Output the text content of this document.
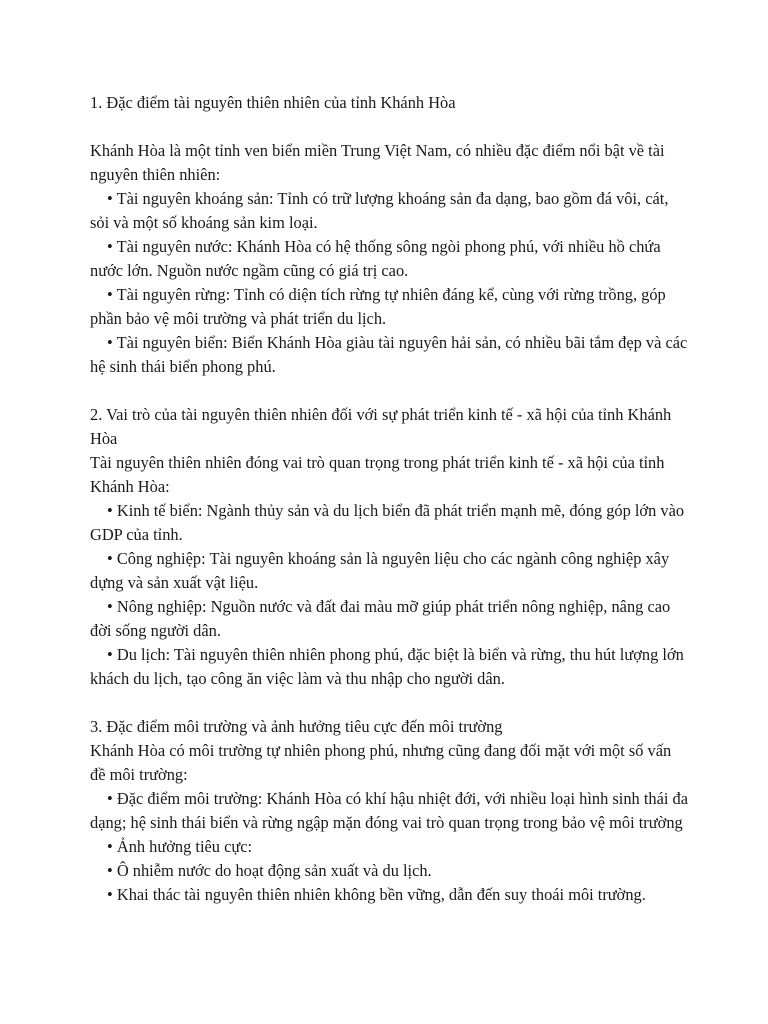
1. Đặc điểm tài nguyên thiên nhiên của tỉnh Khánh Hòa

Khánh Hòa là một tỉnh ven biển miền Trung Việt Nam, có nhiều đặc điểm nổi bật về tài nguyên thiên nhiên:

• Tài nguyên khoáng sản: Tỉnh có trữ lượng khoáng sản đa dạng, bao gồm đá vôi, cát, sỏi và một số khoáng sản kim loại.

• Tài nguyên nước: Khánh Hòa có hệ thống sông ngòi phong phú, với nhiều hồ chứa nước lớn. Nguồn nước ngầm cũng có giá trị cao.

• Tài nguyên rừng: Tỉnh có diện tích rừng tự nhiên đáng kể, cùng với rừng trồng, góp phần bảo vệ môi trường và phát triển du lịch.

• Tài nguyên biển: Biển Khánh Hòa giàu tài nguyên hải sản, có nhiều bãi tắm đẹp và các hệ sinh thái biển phong phú.

2. Vai trò của tài nguyên thiên nhiên đối với sự phát triển kinh tế - xã hội của tỉnh Khánh Hòa

Tài nguyên thiên nhiên đóng vai trò quan trọng trong phát triển kinh tế - xã hội của tỉnh Khánh Hòa:

• Kinh tế biển: Ngành thủy sản và du lịch biển đã phát triển mạnh mẽ, đóng góp lớn vào GDP của tỉnh.

• Công nghiệp: Tài nguyên khoáng sản là nguyên liệu cho các ngành công nghiệp xây dựng và sản xuất vật liệu.

• Nông nghiệp: Nguồn nước và đất đai màu mỡ giúp phát triển nông nghiệp, nâng cao đời sống người dân.

• Du lịch: Tài nguyên thiên nhiên phong phú, đặc biệt là biển và rừng, thu hút lượng lớn khách du lịch, tạo công ăn việc làm và thu nhập cho người dân.

3. Đặc điểm môi trường và ảnh hưởng tiêu cực đến môi trường

Khánh Hòa có môi trường tự nhiên phong phú, nhưng cũng đang đối mặt với một số vấn đề môi trường:

• Đặc điểm môi trường: Khánh Hòa có khí hậu nhiệt đới, với nhiều loại hình sinh thái đa dạng; hệ sinh thái biển và rừng ngập mặn đóng vai trò quan trọng trong bảo vệ môi trường

• Ảnh hưởng tiêu cực:

• Ô nhiễm nước do hoạt động sản xuất và du lịch.

• Khai thác tài nguyên thiên nhiên không bền vững, dẫn đến suy thoái môi trường.
